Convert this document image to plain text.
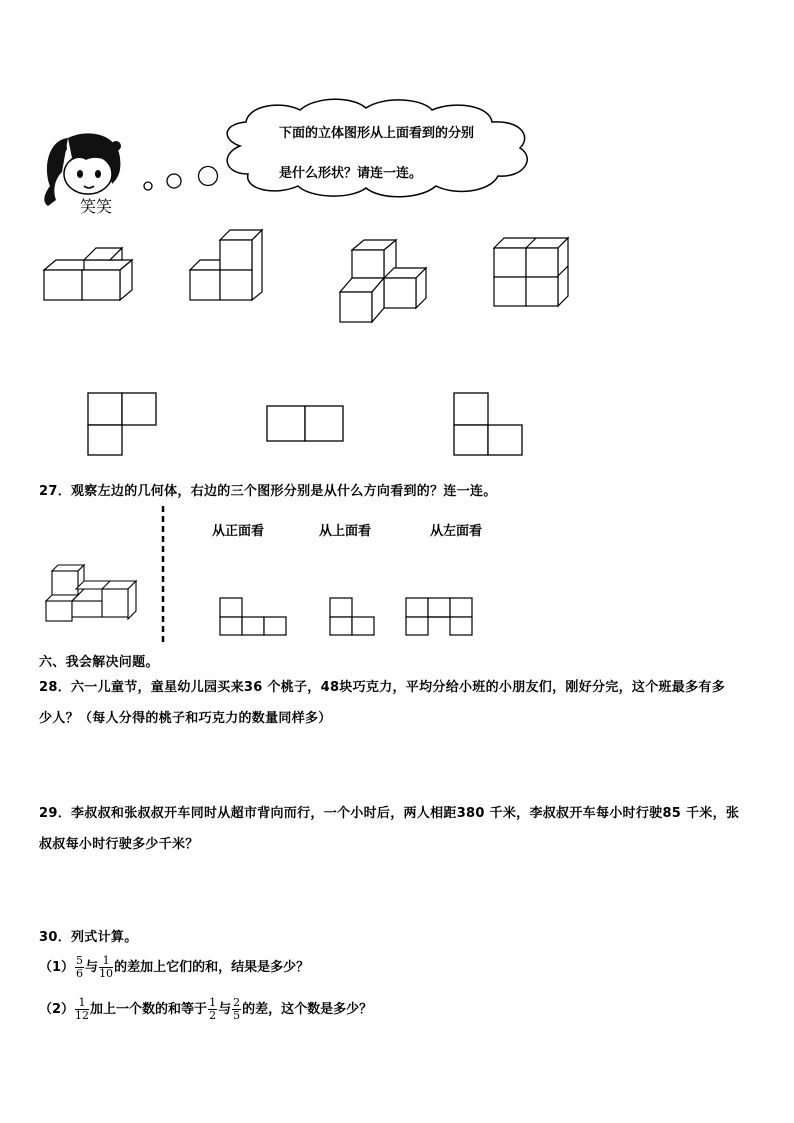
笑笑
下面的立体图形从上面看到的分别
是什么形状？请连一连。
27．观察左边的几何体，右边的三个图形分别是从什么方向看到的？连一连。
从正面看	从上面看	从左面看
六、我会解决问题。
28．六一儿童节，童星幼儿园买来36 个桃子，48块巧克力，平均分给小班的小朋友们，刚好分完，这个班最多有多
少人？（每人分得的桃子和巧克力的数量同样多）
29．李叔叔和张叔叔开车同时从超市背向而行，一个小时后，两人相距380 千米，李叔叔开车每小时行驶85 千米，张
叔叔每小时行驶多少千米？
30．列式计算。
$(1) \frac{5}{6}$ 与 $\frac{1}{10}$ 的差加上它们的和，结果是多少？
$(2) \frac{1}{12}$ 加上一个数的和等于 $\frac{1}{2}$ 与 $\frac{2}{5}$ 的差，这个数是多少？
